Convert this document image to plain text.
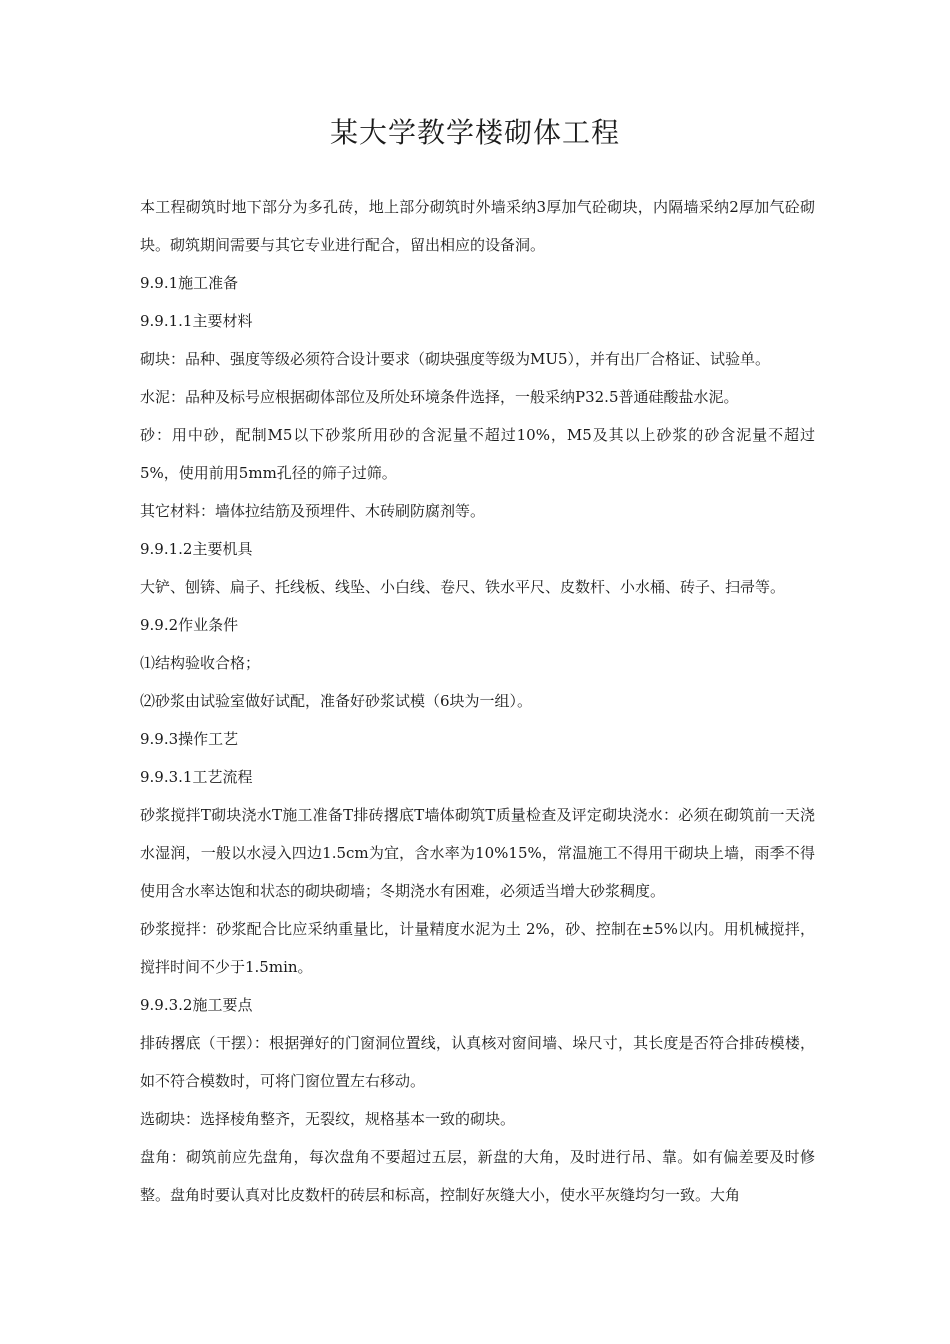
某大学教学楼砌体工程

本工程砌筑时地下部分为多孔砖，地上部分砌筑时外墙采纳3厚加气砼砌块，内隔墙采纳2厚加气砼砌块。砌筑期间需要与其它专业进行配合，留出相应的设备洞。

9.9.1施工准备

9.9.1.1主要材料

砌块：品种、强度等级必须符合设计要求（砌块强度等级为MU5），并有出厂合格证、试验单。

水泥：品种及标号应根据砌体部位及所处环境条件选择，一般采纳P32.5普通硅酸盐水泥。

砂：用中砂，配制M5以下砂浆所用砂的含泥量不超过10%，M5及其以上砂浆的砂含泥量不超过5%，使用前用5mm孔径的筛子过筛。

其它材料：墙体拉结筋及预埋件、木砖刷防腐剂等。

9.9.1.2主要机具

大铲、刨锛、扁子、托线板、线坠、小白线、卷尺、铁水平尺、皮数杆、小水桶、砖子、扫帚等。

9.9.2作业条件

⑴结构验收合格；

⑵砂浆由试验室做好试配，准备好砂浆试模（6块为一组）。

9.9.3操作工艺

9.9.3.1工艺流程

砂浆搅拌T砌块浇水T施工准备T排砖撂底T墙体砌筑T质量检查及评定砌块浇水：必须在砌筑前一天浇水湿润，一般以水浸入四边1.5cm为宜，含水率为10%15%，常温施工不得用干砌块上墙，雨季不得使用含水率达饱和状态的砌块砌墙；冬期浇水有困难，必须适当增大砂浆稠度。

砂浆搅拌：砂浆配合比应采纳重量比，计量精度水泥为土 2%，砂、控制在±5%以内。用机械搅拌，搅拌时间不少于1.5min。

9.9.3.2施工要点

排砖撂底（干摆）：根据弹好的门窗洞位置线，认真核对窗间墙、垛尺寸，其长度是否符合排砖模楼，如不符合模数时，可将门窗位置左右移动。

选砌块：选择棱角整齐，无裂纹，规格基本一致的砌块。

盘角：砌筑前应先盘角，每次盘角不要超过五层，新盘的大角，及时进行吊、靠。如有偏差要及时修整。盘角时要认真对比皮数杆的砖层和标高，控制好灰缝大小，使水平灰缝均匀一致。大角
